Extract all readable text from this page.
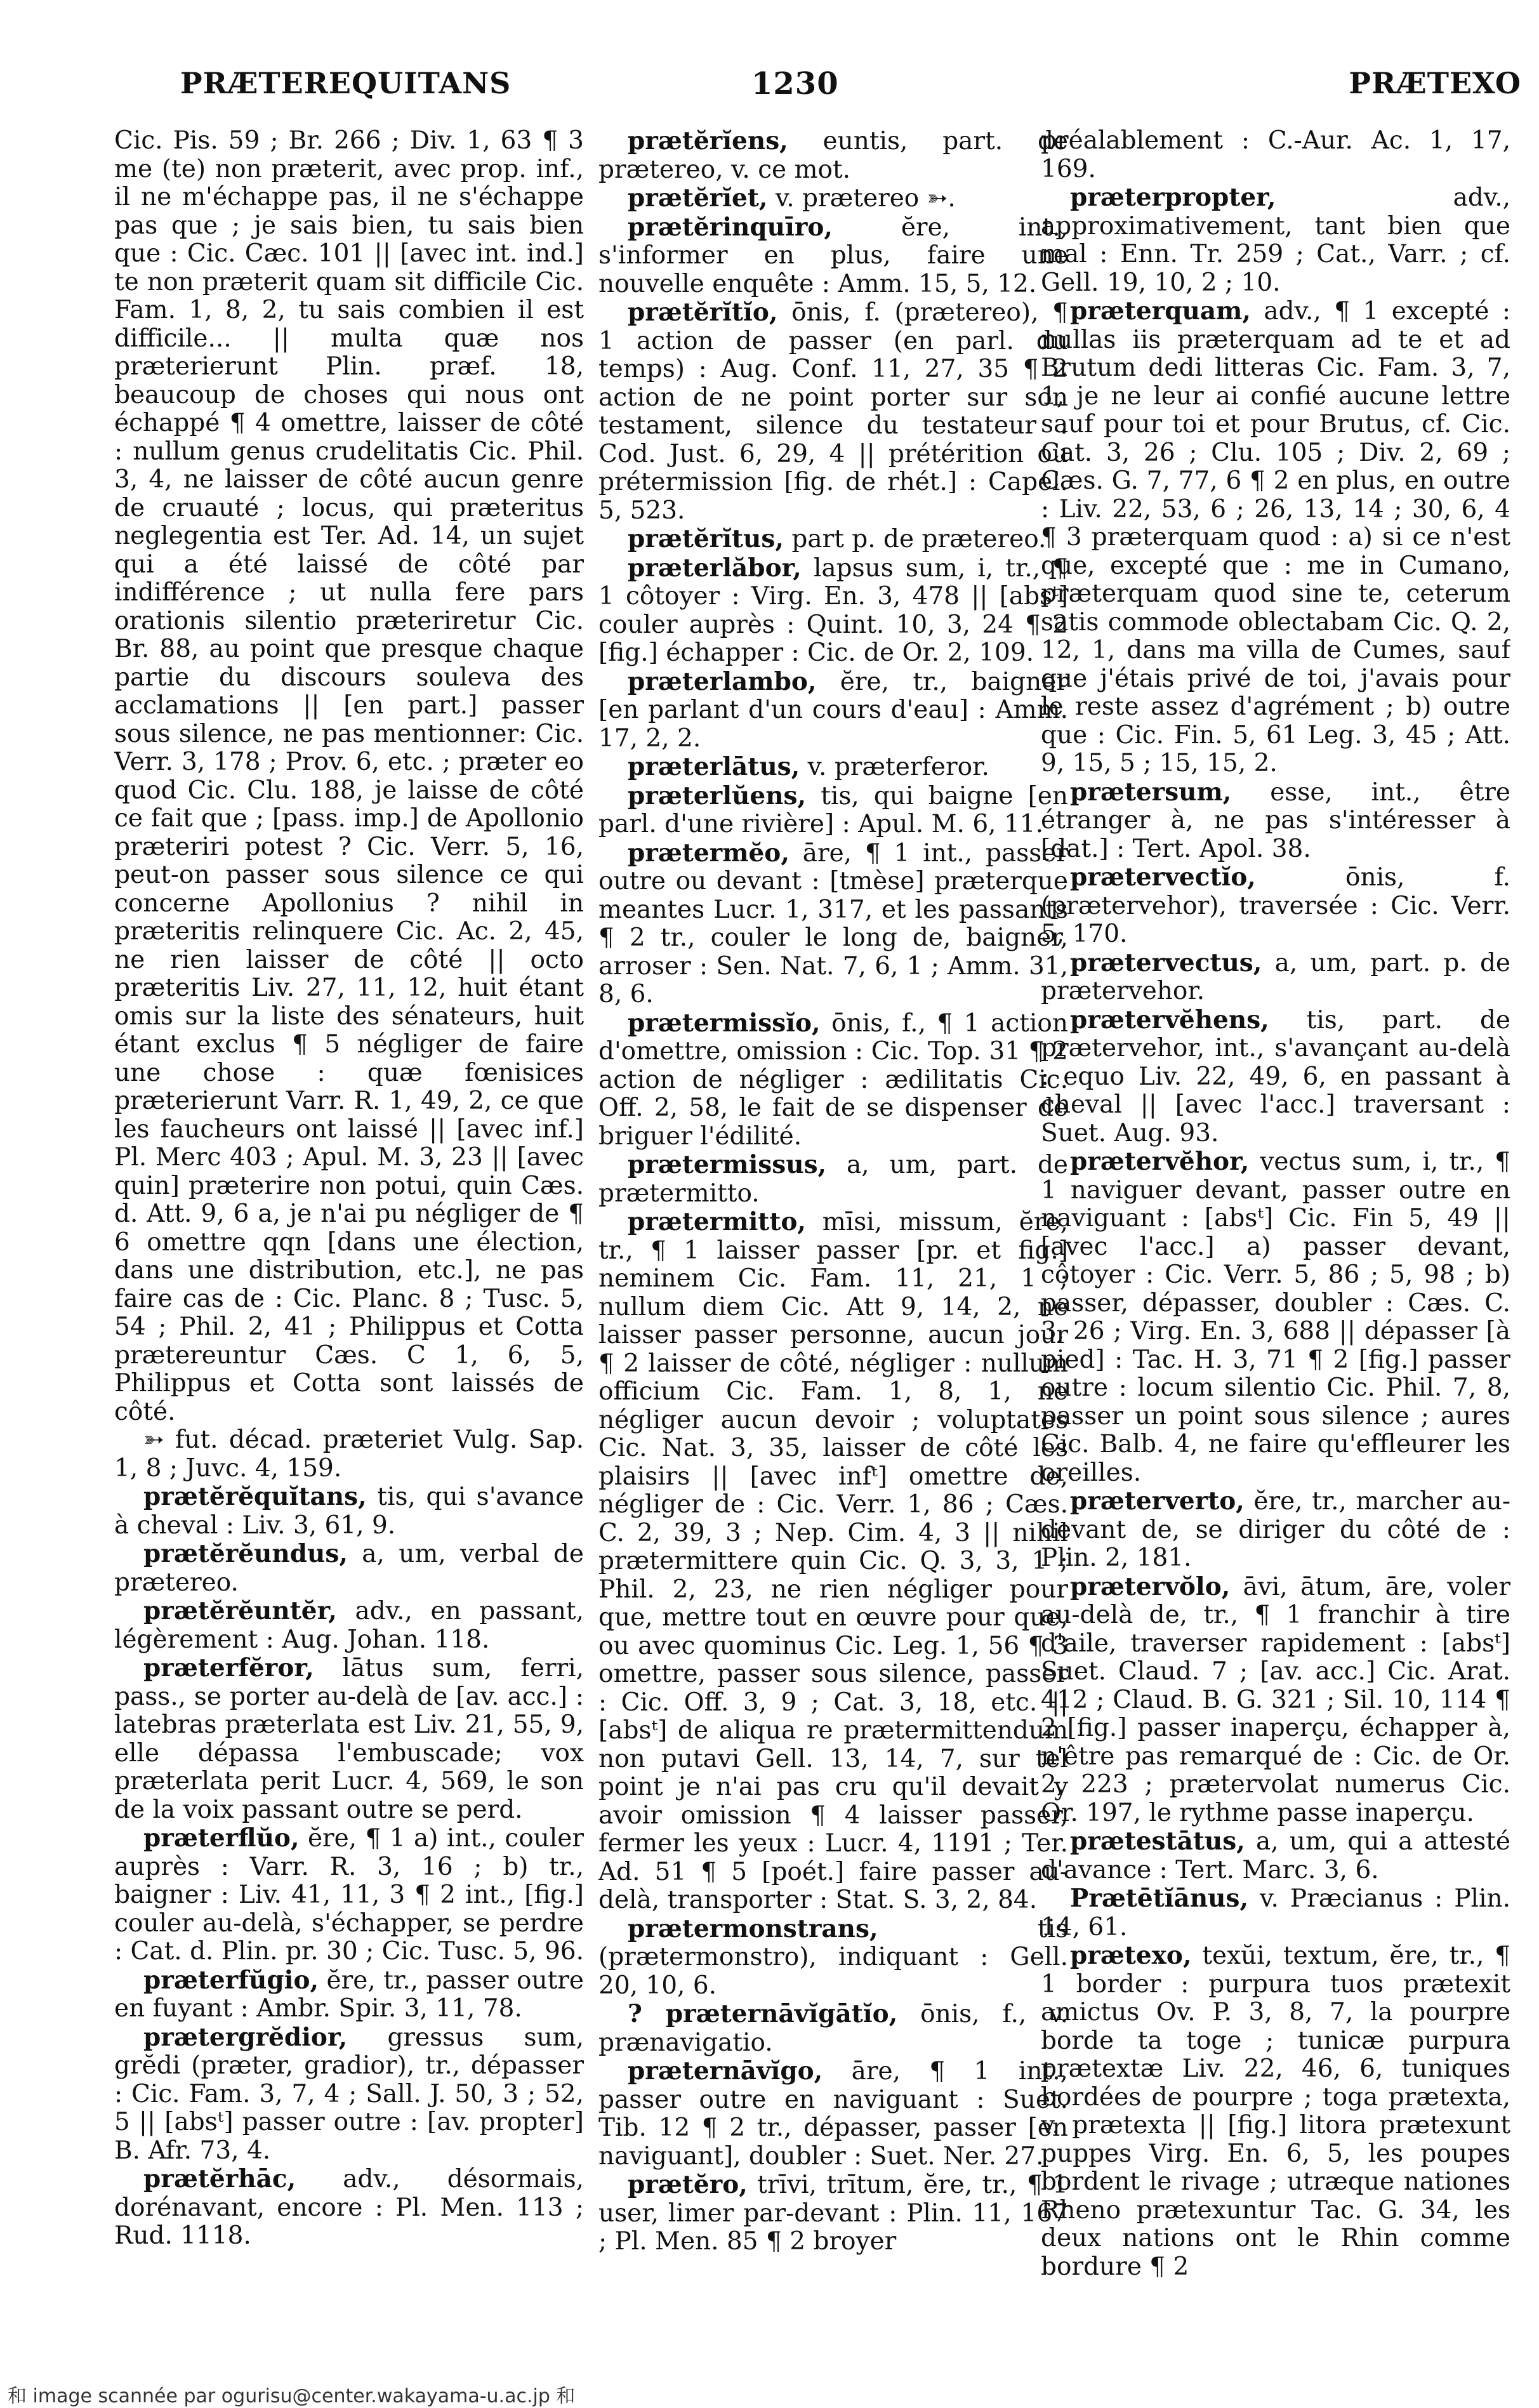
PRÆTEREQUITANS	1230	PRÆTEXO

Cic. Pis. 59 ; Br. 266 ; Div. 1, 63 ¶ 3 me (te) non præterit, avec prop. inf., il ne m'échappe pas, il ne s'échappe pas que ; je sais bien, tu sais bien que : Cic. Cæc. 101 || [avec int. ind.] te non præterit quam sit difficile Cic. Fam. 1, 8, 2, tu sais combien il est difficile... || multa quæ nos præterierunt Plin. præf. 18, beaucoup de choses qui nous ont échappé ¶ 4 omettre, laisser de côté : nullum genus crudelitatis Cic. Phil. 3, 4, ne laisser de côté aucun genre de cruauté ; locus, qui præteritus neglegentia est Ter. Ad. 14, un sujet qui a été laissé de côté par indifférence ; ut nulla fere pars orationis silentio præteriretur Cic. Br. 88, au point que presque chaque partie du discours souleva des acclamations || [en part.] passer sous silence, ne pas mentionner: Cic. Verr. 3, 178 ; Prov. 6, etc. ; præter eo quod Cic. Clu. 188, je laisse de côté ce fait que ; [pass. imp.] de Apollonio præteriri potest ? Cic. Verr. 5, 16, peut-on passer sous silence ce qui concerne Apollonius ? nihil in præteritis relinquere Cic. Ac. 2, 45, ne rien laisser de côté || octo præteritis Liv. 27, 11, 12, huit étant omis sur la liste des sénateurs, huit étant exclus ¶ 5 négliger de faire une chose : quæ fœnisices præterierunt Varr. R. 1, 49, 2, ce que les faucheurs ont laissé || [avec inf.] Pl. Merc 403 ; Apul. M. 3, 23 || [avec quin] præterire non potui, quin Cæs. d. Att. 9, 6 a, je n'ai pu négliger de ¶ 6 omettre qqn [dans une élection, dans une distribution, etc.], ne pas faire cas de : Cic. Planc. 8 ; Tusc. 5, 54 ; Phil. 2, 41 ; Philippus et Cotta prætereuntur Cæs. C 1, 6, 5, Philippus et Cotta sont laissés de côté.

➳ fut. décad. præteriet Vulg. Sap. 1, 8 ; Juvc. 4, 159.

prætĕrĕquĭtans, tis, qui s'avance à cheval : Liv. 3, 61, 9.

prætĕrĕundus, a, um, verbal de prætereo.

prætĕrĕuntĕr, adv., en passant, légèrement : Aug. Johan. 118.

præterfĕror, lātus sum, ferri, pass., se porter au-delà de [av. acc.] : latebras præterlata est Liv. 21, 55, 9, elle dépassa l'embuscade; vox præterlata perit Lucr. 4, 569, le son de la voix passant outre se perd.

præterflŭo, ĕre, ¶ 1 a) int., couler auprès : Varr. R. 3, 16 ; b) tr., baigner : Liv. 41, 11, 3 ¶ 2 int., [fig.] couler au-delà, s'échapper, se perdre : Cat. d. Plin. pr. 30 ; Cic. Tusc. 5, 96.

præterfŭgio, ĕre, tr., passer outre en fuyant : Ambr. Spir. 3, 11, 78.

prætergrĕdior, gressus sum, grĕdi (præter, gradior), tr., dépasser : Cic. Fam. 3, 7, 4 ; Sall. J. 50, 3 ; 52, 5 || [absᵗ] passer outre : [av. propter] B. Afr. 73, 4.

prætĕrhāc, adv., désormais, dorénavant, encore : Pl. Men. 113 ; Rud. 1118.

prætĕrĭens, euntis, part. de prætereo, v. ce mot.

prætĕrĭet, v. prætereo ➳.

prætĕrinquīro, ĕre, int., s'informer en plus, faire une nouvelle enquête : Amm. 15, 5, 12.

prætĕrĭtĭo, ōnis, f. (prætereo), ¶ 1 action de passer (en parl. du temps) : Aug. Conf. 11, 27, 35 ¶ 2 action de ne point porter sur son testament, silence du testateur : Cod. Just. 6, 29, 4 || prétérition ou prétermission [fig. de rhét.] : Capel. 5, 523.

prætĕrĭtus, part p. de prætereo.

præterlăbor, lapsus sum, i, tr., ¶ 1 côtoyer : Virg. En. 3, 478 || [absᵗ] couler auprès : Quint. 10, 3, 24 ¶ 2 [fig.] échapper : Cic. de Or. 2, 109.

præterlambo, ĕre, tr., baigner [en parlant d'un cours d'eau] : Amm. 17, 2, 2.

præterlātus, v. præterferor.

præterlŭens, tis, qui baigne [en parl. d'une rivière] : Apul. M. 6, 11.

prætermĕo, āre, ¶ 1 int., passer outre ou devant : [tmèse] præterque meantes Lucr. 1, 317, et les passants ¶ 2 tr., couler le long de, baigner, arroser : Sen. Nat. 7, 6, 1 ; Amm. 31, 8, 6.

prætermissĭo, ōnis, f., ¶ 1 action d'omettre, omission : Cic. Top. 31 ¶ 2 action de négliger : ædilitatis Cic. Off. 2, 58, le fait de se dispenser de briguer l'édilité.

prætermissus, a, um, part. de prætermitto.

prætermitto, mīsi, missum, ĕre, tr., ¶ 1 laisser passer [pr. et fig.] neminem Cic. Fam. 11, 21, 1 ; nullum diem Cic. Att 9, 14, 2, ne laisser passer personne, aucun jour ¶ 2 laisser de côté, négliger : nullum officium Cic. Fam. 1, 8, 1, ne négliger aucun devoir ; voluptates Cic. Nat. 3, 35, laisser de côté les plaisirs || [avec infᵗ] omettre de, négliger de : Cic. Verr. 1, 86 ; Cæs. C. 2, 39, 3 ; Nep. Cim. 4, 3 || nihil prætermittere quin Cic. Q. 3, 3, 1 ; Phil. 2, 23, ne rien négliger pour que, mettre tout en œuvre pour que, ou avec quominus Cic. Leg. 1, 56 ¶ 3 omettre, passer sous silence, passer : Cic. Off. 3, 9 ; Cat. 3, 18, etc. || [absᵗ] de aliqua re prætermittendum non putavi Gell. 13, 14, 7, sur tel point je n'ai pas cru qu'il devait y avoir omission ¶ 4 laisser passer, fermer les yeux : Lucr. 4, 1191 ; Ter. Ad. 51 ¶ 5 [poét.] faire passer au-delà, transporter : Stat. S. 3, 2, 84.

prætermonstrans, tis (prætermonstro), indiquant : Gell. 20, 10, 6.

? præternāvĭgātĭo, ōnis, f., v. prænavigatio.

præternāvĭgo, āre, ¶ 1 int., passer outre en naviguant : Suet. Tib. 12 ¶ 2 tr., dépasser, passer [en naviguant], doubler : Suet. Ner. 27.

prætĕro, trīvi, trītum, ĕre, tr., ¶ 1 user, limer par-devant : Plin. 11, 167 ; Pl. Men. 85 ¶ 2 broyer

préalablement : C.-Aur. Ac. 1, 17, 169.

præterpropter, adv., approximativement, tant bien que mal : Enn. Tr. 259 ; Cat., Varr. ; cf. Gell. 19, 10, 2 ; 10.

præterquam, adv., ¶ 1 excepté : nullas iis præterquam ad te et ad Brutum dedi litteras Cic. Fam. 3, 7, 1, je ne leur ai confié aucune lettre sauf pour toi et pour Brutus, cf. Cic. Cat. 3, 26 ; Clu. 105 ; Div. 2, 69 ; Cæs. G. 7, 77, 6 ¶ 2 en plus, en outre : Liv. 22, 53, 6 ; 26, 13, 14 ; 30, 6, 4 ¶ 3 præterquam quod : a) si ce n'est que, excepté que : me in Cumano, præterquam quod sine te, ceterum satis commode oblectabam Cic. Q. 2, 12, 1, dans ma villa de Cumes, sauf que j'étais privé de toi, j'avais pour le reste assez d'agrément ; b) outre que : Cic. Fin. 5, 61 Leg. 3, 45 ; Att. 9, 15, 5 ; 15, 15, 2.

prætersum, esse, int., être étranger à, ne pas s'intéresser à [dat.] : Tert. Apol. 38.

prætervectĭo, ōnis, f. (prætervehor), traversée : Cic. Verr. 5, 170.

prætervectus, a, um, part. p. de prætervehor.

prætervĕhens, tis, part. de prætervehor, int., s'avançant au-delà : equo Liv. 22, 49, 6, en passant à cheval || [avec l'acc.] traversant : Suet. Aug. 93.

prætervĕhor, vectus sum, i, tr., ¶ 1 naviguer devant, passer outre en naviguant : [absᵗ] Cic. Fin 5, 49 || [avec l'acc.] a) passer devant, côtoyer : Cic. Verr. 5, 86 ; 5, 98 ; b) passer, dépasser, doubler : Cæs. C. 3, 26 ; Virg. En. 3, 688 || dépasser [à pied] : Tac. H. 3, 71 ¶ 2 [fig.] passer outre : locum silentio Cic. Phil. 7, 8, passer un point sous silence ; aures Cic. Balb. 4, ne faire qu'effleurer les oreilles.

præterverto, ĕre, tr., marcher au-devant de, se diriger du côté de : Plin. 2, 181.

prætervŏlo, āvi, ātum, āre, voler au-delà de, tr., ¶ 1 franchir à tire d'aile, traverser rapidement : [absᵗ] Suet. Claud. 7 ; [av. acc.] Cic. Arat. 412 ; Claud. B. G. 321 ; Sil. 10, 114 ¶ 2 [fig.] passer inaperçu, échapper à, n'être pas remarqué de : Cic. de Or. 2, 223 ; prætervolat numerus Cic. Or. 197, le rythme passe inaperçu.

prætestātus, a, um, qui a attesté d'avance : Tert. Marc. 3, 6.

Prætētĭānus, v. Præcianus : Plin. 14, 61.

prætexo, texŭi, textum, ĕre, tr., ¶ 1 border : purpura tuos prætexit amictus Ov. P. 3, 8, 7, la pourpre borde ta toge ; tunicæ purpura prætextæ Liv. 22, 46, 6, tuniques bordées de pourpre ; toga prætexta, v. prætexta || [fig.] litora prætexunt puppes Virg. En. 6, 5, les poupes bordent le rivage ; utræque nationes Rheno prætexuntur Tac. G. 34, les deux nations ont le Rhin comme bordure ¶ 2

和 image scannée par ogurisu@center.wakayama-u.ac.jp 和
